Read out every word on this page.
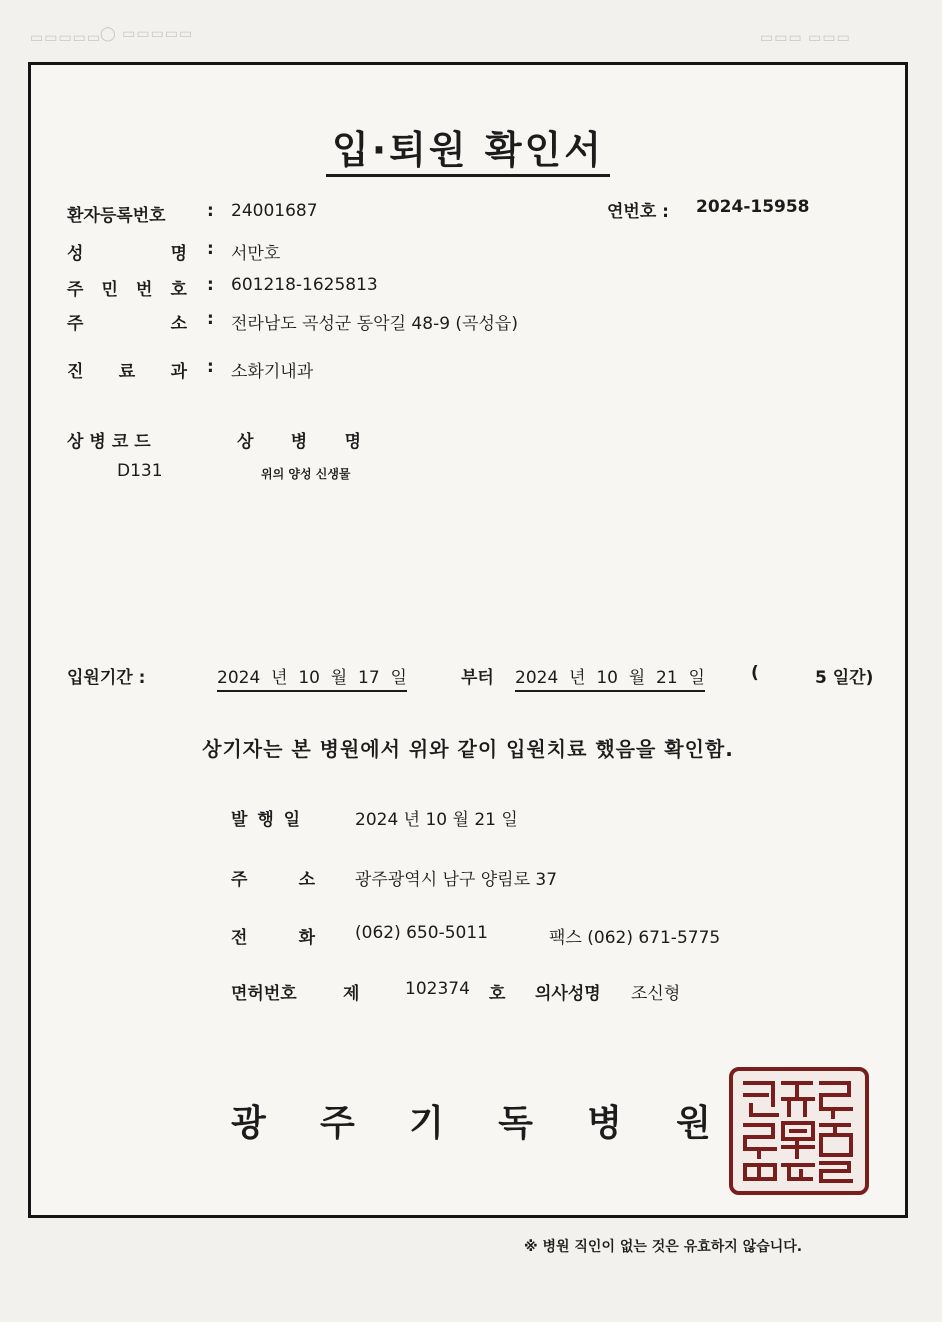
▭▭▭▭▭
◯ ▭▭▭▭▭	▭▭▭ ▭▭▭
입·퇴원 확인서
환자등록번호 : 24001687	연번호 : 2024-15958
성	명 : 서만호
주 민 번 호 : 601218-1625813
주	소 : 전라남도 곡성군 동악길 48-9 (곡성읍)
진 료 과 : 소화기내과
상병코드	상 병 명
D131	위의 양성 신생물
입원기간 :	2024 년 10 월 17 일	부터 2024 년 10 월 21 일	(	5 일간)
상기자는 본 병원에서 위와 같이 입원치료 했음을 확인함.
발 행 일	2024 년 10 월 21 일
주	소 광주광역시 남구 양림로 37
전	화 (062) 650-5011	팩스 (062) 671-5775
면허번호	제	102374 호 의사성명 조신형
광 주 기 독 병 원
※ 병원 직인이 없는 것은 유효하지 않습니다.
